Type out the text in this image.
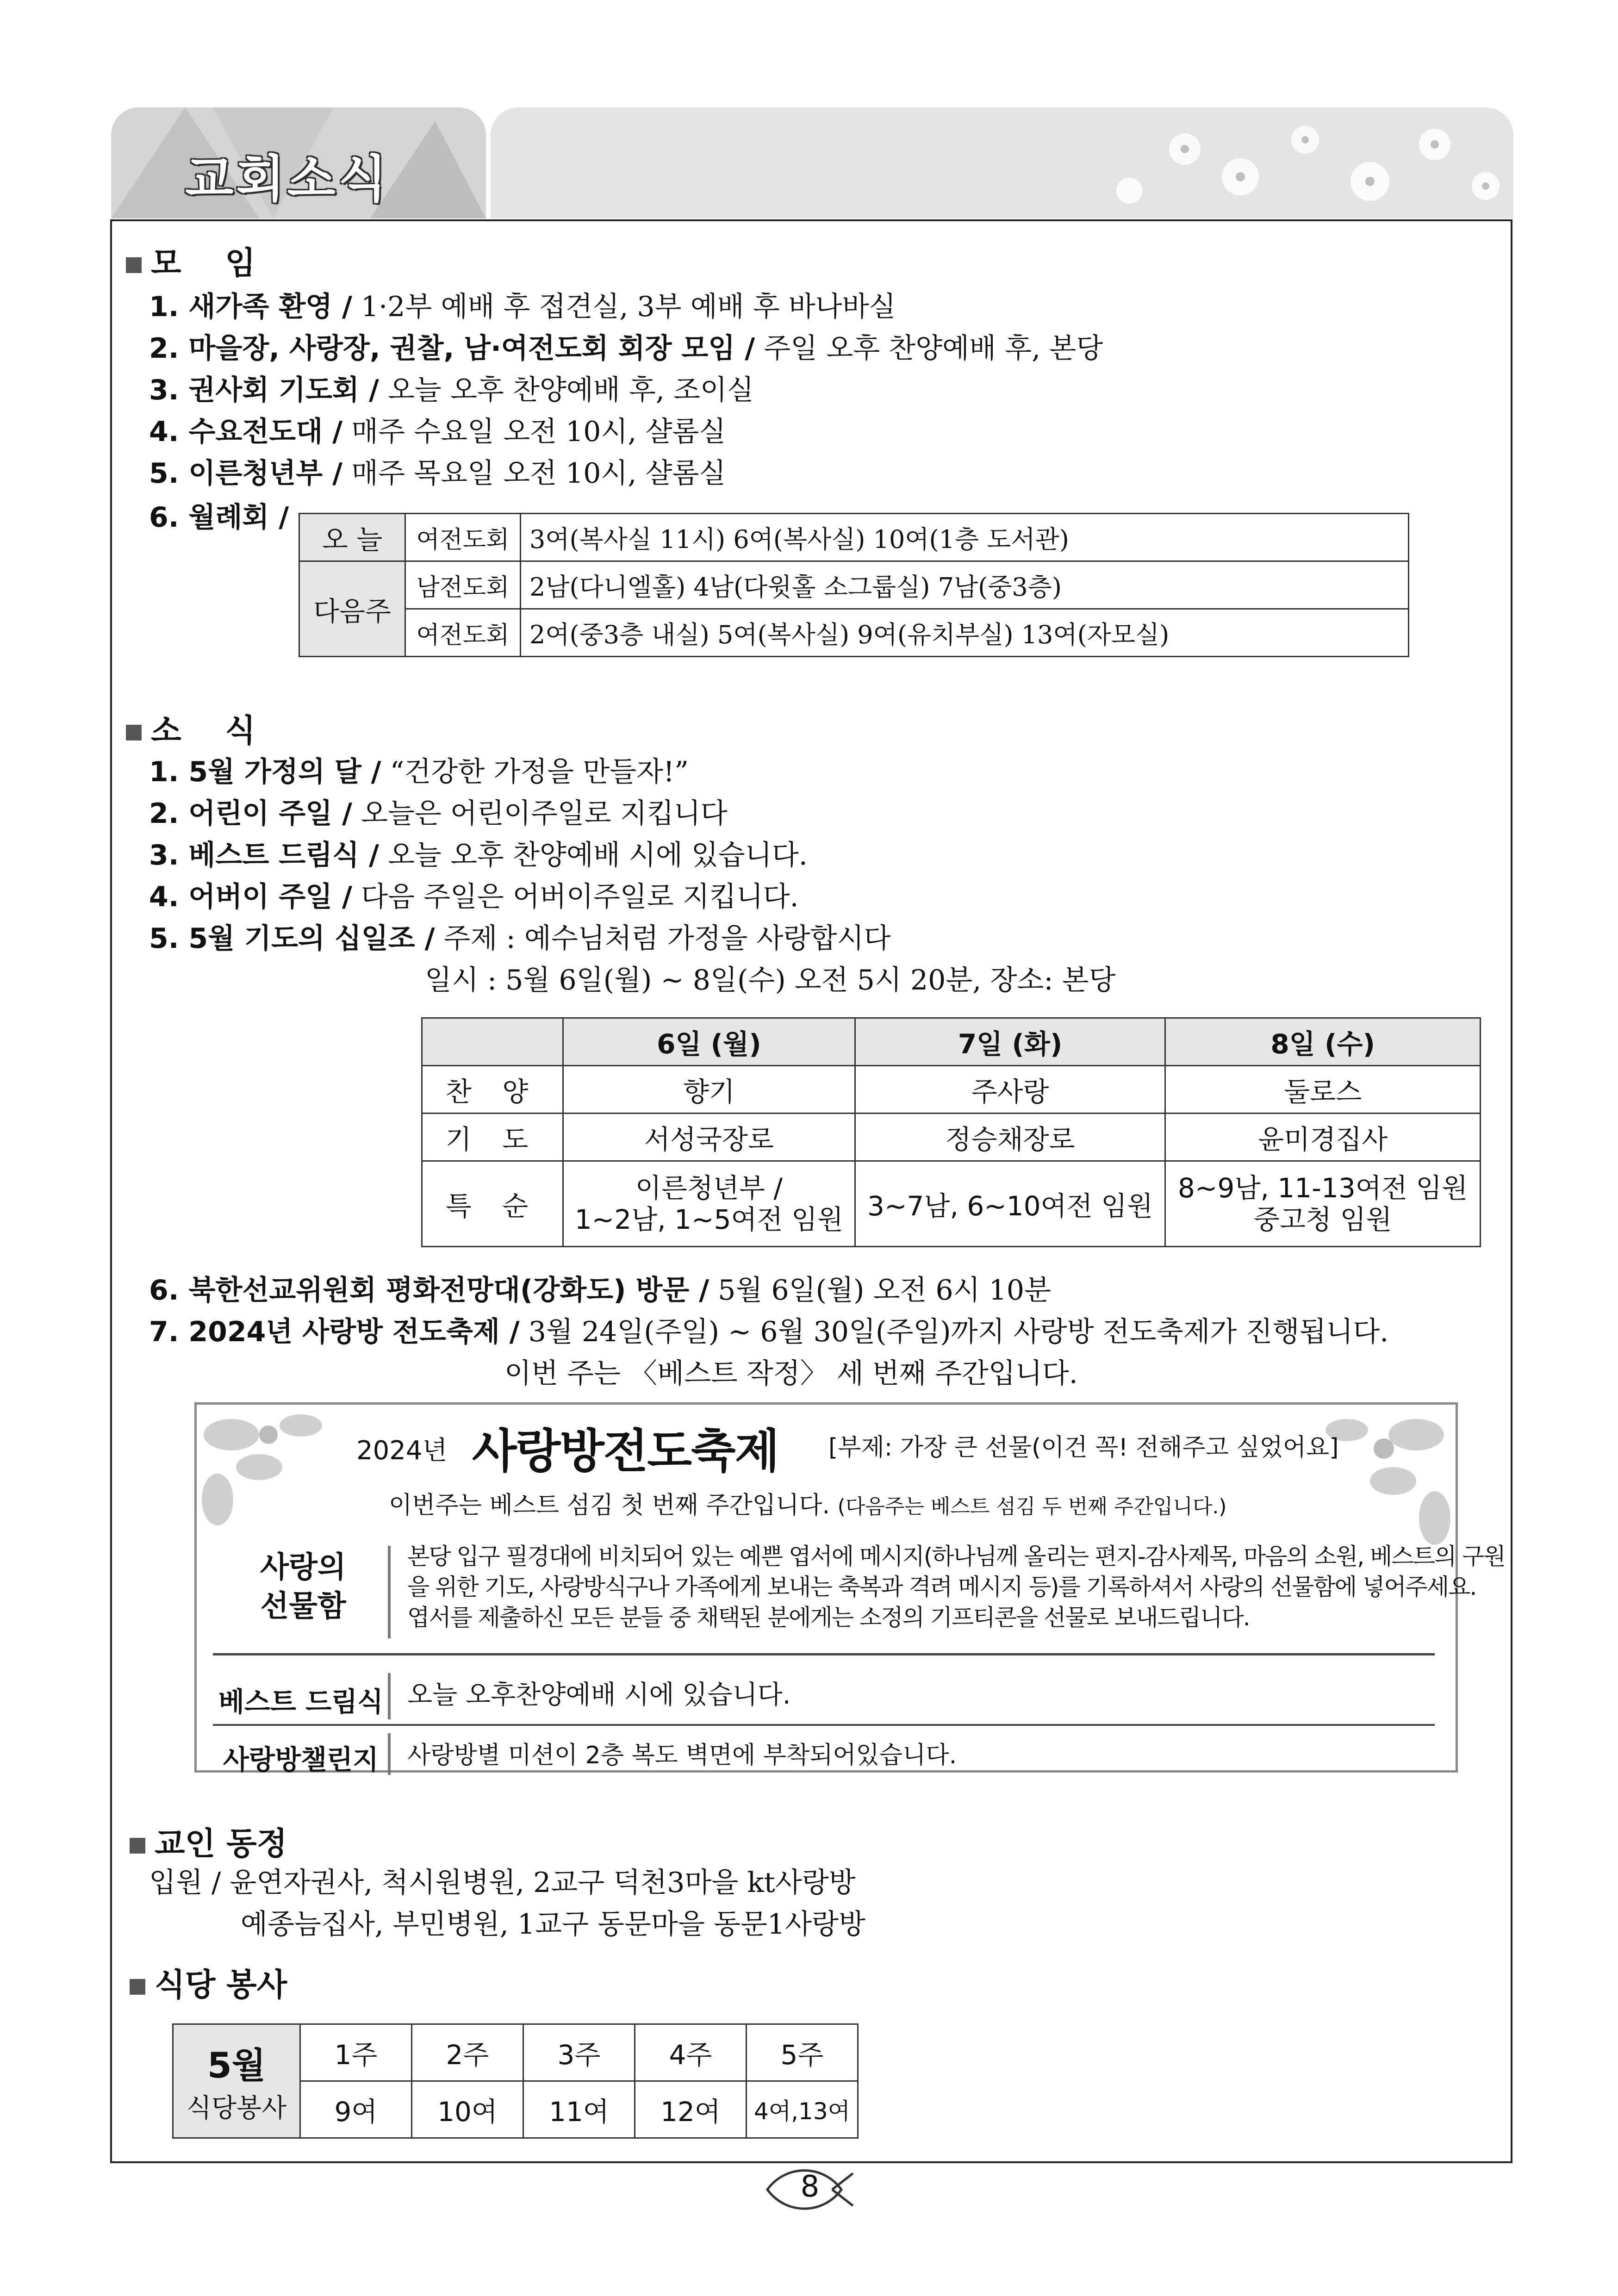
교회소식
모    임
1. 새가족 환영 / 1·2부 예배 후 접견실, 3부 예배 후 바나바실
2. 마을장, 사랑장, 권찰, 남·여전도회 회장 모임 / 주일 오후 찬양예배 후, 본당
3. 권사회 기도회 / 오늘 오후 찬양예배 후, 조이실
4. 수요전도대 / 매주 수요일 오전 10시, 샬롬실
5. 이른청년부 / 매주 목요일 오전 10시, 샬롬실
6. 월례회 /
오 늘	여전도회	3여(복사실 11시) 6여(복사실) 10여(1층 도서관)
다음주	남전도회	2남(다니엘홀) 4남(다윗홀 소그룹실) 7남(중3층)
	여전도회	2여(중3층 내실) 5여(복사실) 9여(유치부실) 13여(자모실)
소    식
1. 5월 가정의 달 / “건강한 가정을 만들자!”
2. 어린이 주일 / 오늘은 어린이주일로 지킵니다
3. 베스트 드림식 / 오늘 오후 찬양예배 시에 있습니다.
4. 어버이 주일 / 다음 주일은 어버이주일로 지킵니다.
5. 5월 기도의 십일조 / 주제 : 예수님처럼 가정을 사랑합시다
일시 : 5월 6일(월) ~ 8일(수) 오전 5시 20분, 장소: 본당
	6일 (월)	7일 (화)	8일 (수)
찬 양	향기	주사랑	둘로스
기 도	서성국장로	정승채장로	윤미경집사
특 순	이른청년부 /
1~2남, 1~5여전 임원	3~7남, 6~10여전 임원	8~9남, 11-13여전 임원
중고청 임원
6. 북한선교위원회 평화전망대(강화도) 방문 / 5월 6일(월) 오전 6시 10분
7. 2024년 사랑방 전도축제 / 3월 24일(주일) ~ 6월 30일(주일)까지 사랑방 전도축제가 진행됩니다.
이번 주는 〈베스트 작정〉 세 번째 주간입니다.
2024년 사랑방전도축제 [부제: 가장 큰 선물(이건 꼭! 전해주고 싶었어요]
이번주는 베스트 섬김 첫 번째 주간입니다. (다음주는 베스트 섬김 두 번째 주간입니다.)
사랑의
선물함
본당 입구 필경대에 비치되어 있는 예쁜 엽서에 메시지(하나님께 올리는 편지-감사제목, 마음의 소원, 베스트의 구원
을 위한 기도, 사랑방식구나 가족에게 보내는 축복과 격려 메시지 등)를 기록하셔서 사랑의 선물함에 넣어주세요.
엽서를 제출하신 모든 분들 중 채택된 분에게는 소정의 기프티콘을 선물로 보내드립니다.
베스트 드림식 오늘 오후찬양예배 시에 있습니다.
사랑방챌린지 사랑방별 미션이 2층 복도 벽면에 부착되어있습니다.
교인 동정
입원 / 윤연자권사, 척시원병원, 2교구 덕천3마을 kt사랑방
예종늠집사, 부민병원, 1교구 동문마을 동문1사랑방
식당 봉사
5월
식당봉사	1주	2주	3주	4주	5주
	9여	10여	11여	12여	4여,13여
8
